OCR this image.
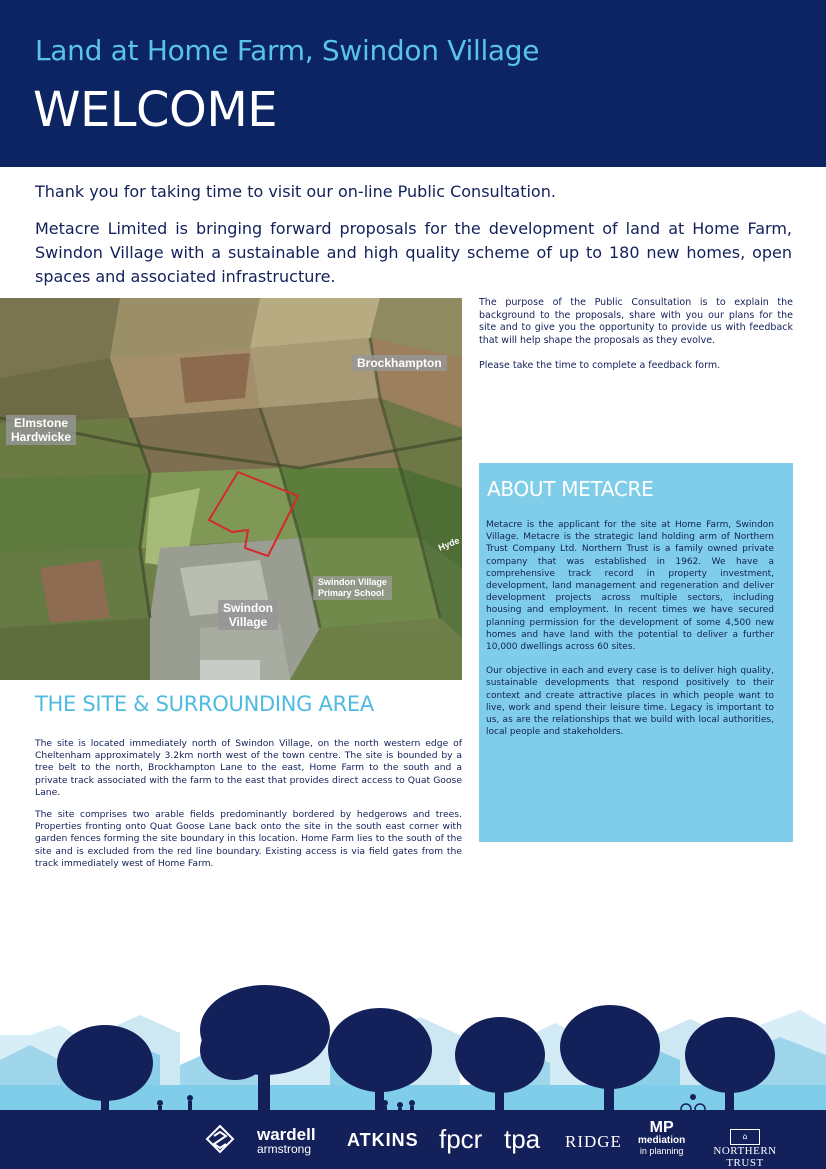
Land at Home Farm, Swindon Village
WELCOME
Thank you for taking time to visit our on-line Public Consultation.
Metacre Limited is bringing forward proposals for the development of land at Home Farm, Swindon Village with a sustainable and high quality scheme of up to 180 new homes, open spaces and associated infrastructure.
Brockhampton
Elmstone
Hardwicke
Hyde
Swindon Village
Primary School
Swindon
Village

The purpose of the Public Consultation is to explain the background to the proposals, share with you our plans for the site and to give you the opportunity to provide us with feedback that will help shape the proposals as they evolve.

Please take the time to complete a feedback form.

ABOUT METACRE

Metacre is the applicant for the site at Home Farm, Swindon Village. Metacre is the strategic land holding arm of Northern Trust Company Ltd. Northern Trust is a family owned private company that was established in 1962. We have a comprehensive track record in property investment, development, land management and regeneration and deliver development projects across multiple sectors, including housing and employment. In recent times we have secured planning permission for the development of some 4,500 new homes and have land with the potential to deliver a further 10,000 dwellings across 60 sites.

Our objective in each and every case is to deliver high quality, sustainable developments that respond positively to their context and create attractive places in which people want to live, work and spend their leisure time. Legacy is important to us, as are the relationships that we build with local authorities, local people and stakeholders.

THE SITE & SURROUNDING AREA

The site is located immediately north of Swindon Village, on the north western edge of Cheltenham approximately 3.2km north west of the town centre. The site is bounded by a tree belt to the north, Brockhampton Lane to the east, Home Farm to the south and a private track associated with the farm to the east that provides direct access to Quat Goose Lane.

The site comprises two arable fields predominantly bordered by hedgerows and trees. Properties fronting onto Quat Goose Lane back onto the site in the south east corner with garden fences forming the site boundary in this location. Home Farm lies to the south of the site and is excluded from the red line boundary. Existing access is via field gates from the track immediately west of Home Farm.

wardell
armstrong ATKINS fpcr tpa RIDGE
MP
mediation
in planning
⌂
NORTHERN TRUST
